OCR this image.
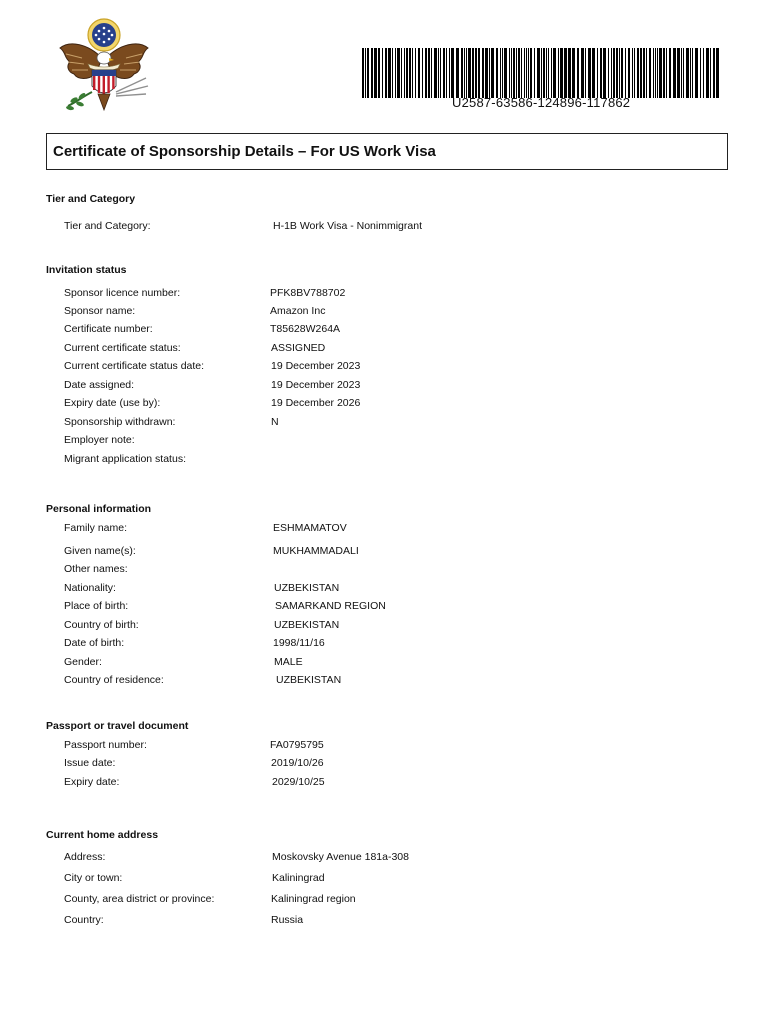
U2587-63586-124896-117862
Certificate of Sponsorship Details – For US Work Visa
Tier and Category
Tier and Category:	H-1B Work Visa - Nonimmigrant
Invitation status
Sponsor licence number:	PFK8BV788702
Sponsor name:	Amazon Inc
Certificate number:	T85628W264A
Current certificate status:	ASSIGNED
Current certificate status date:	19 December 2023
Date assigned:	19 December 2023
Expiry date (use by):	19 December 2026
Sponsorship withdrawn:	N
Employer note:
Migrant application status:
Personal information
Family name:	ESHMAMATOV
Given name(s):	MUKHAMMADALI
Other names:
Nationality:	UZBEKISTAN
Place of birth:	SAMARKAND REGION
Country of birth:	UZBEKISTAN
Date of birth:	1998/11/16
Gender:	MALE
Country of residence:	UZBEKISTAN
Passport or travel document
Passport number:	FA0795795
Issue date:	2019/10/26
Expiry date:	2029/10/25
Current home address
Address:	Moskovsky Avenue 181a-308
City or town:	Kaliningrad
County, area district or province:	Kaliningrad region
Country:	Russia
